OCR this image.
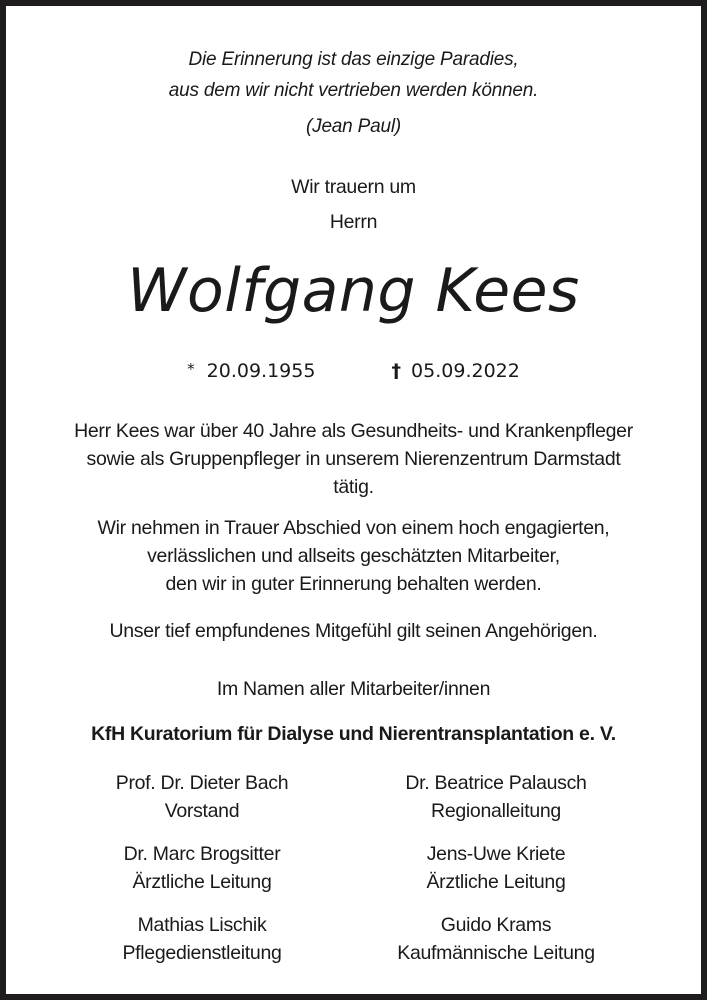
Die Erinnerung ist das einzige Paradies,
aus dem wir nicht vertrieben werden können.
(Jean Paul)
Wir trauern um
Herrn
Wolfgang Kees
* 20.09.1955	† 05.09.2022
Herr Kees war über 40 Jahre als Gesundheits- und Krankenpfleger
sowie als Gruppenpfleger in unserem Nierenzentrum Darmstadt
tätig.
Wir nehmen in Trauer Abschied von einem hoch engagierten,
verlässlichen und allseits geschätzten Mitarbeiter,
den wir in guter Erinnerung behalten werden.
Unser tief empfundenes Mitgefühl gilt seinen Angehörigen.
Im Namen aller Mitarbeiter/innen
KfH Kuratorium für Dialyse und Nierentransplantation e. V.
Prof. Dr. Dieter Bach
Vorstand
Dr. Marc Brogsitter
Ärztliche Leitung
Mathias Lischik
Pflegedienstleitung
Dr. Beatrice Palausch
Regionalleitung
Jens-Uwe Kriete
Ärztliche Leitung
Guido Krams
Kaufmännische Leitung
